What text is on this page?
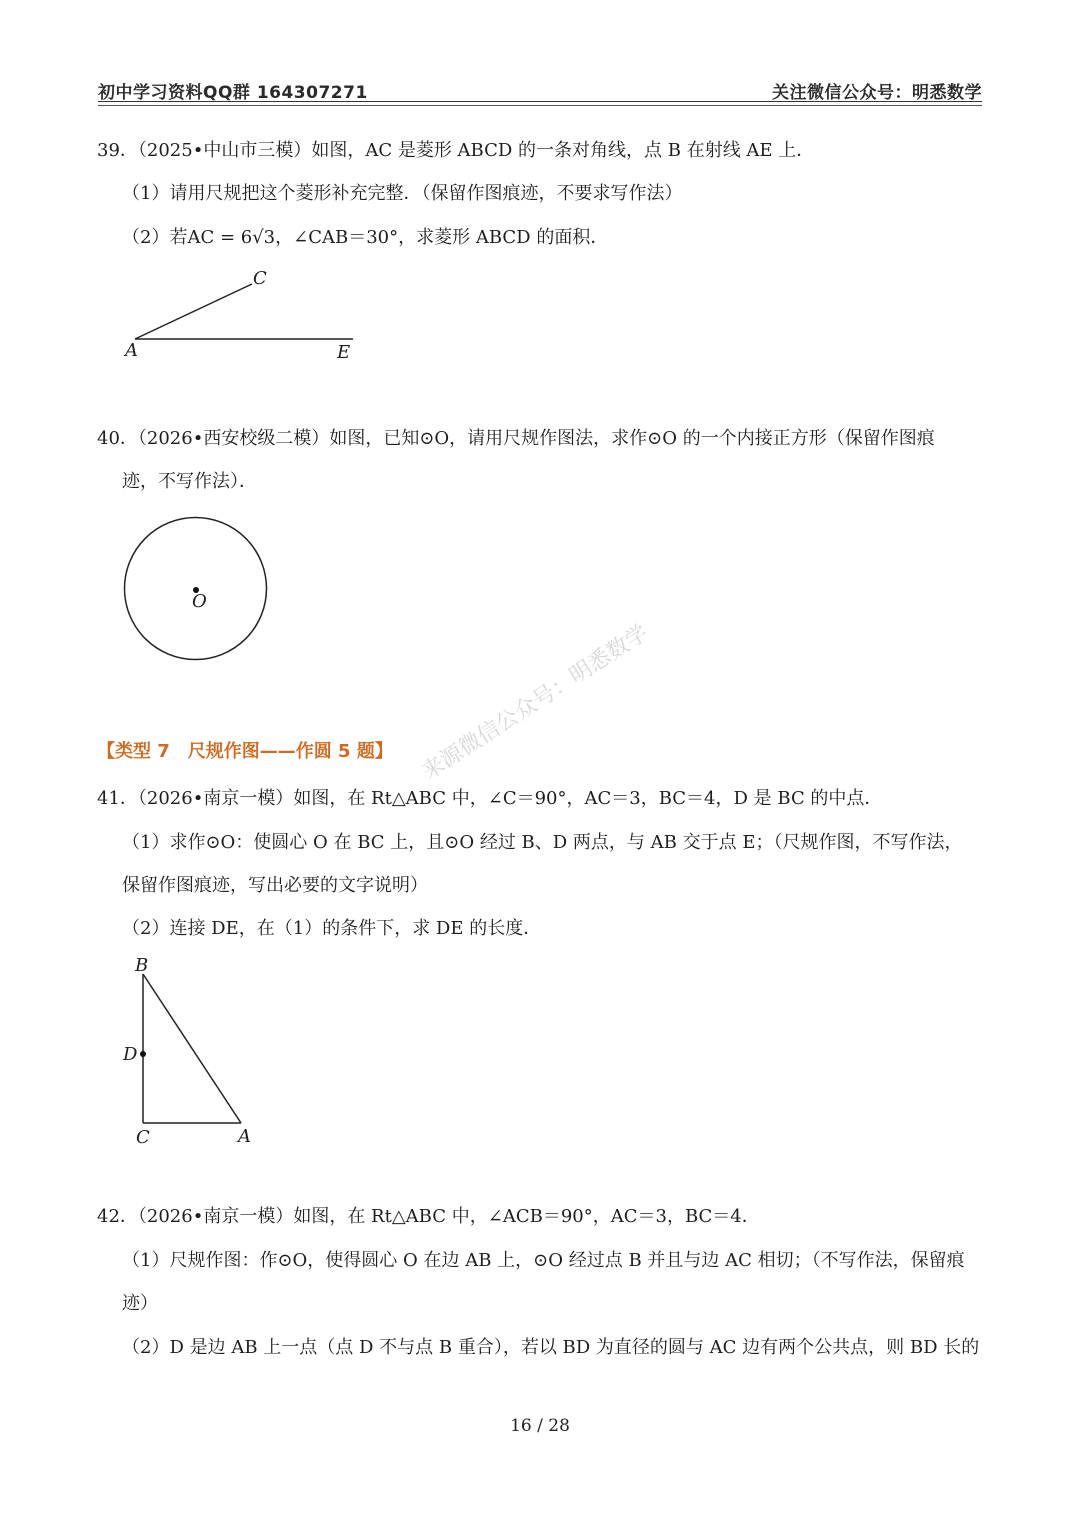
初中学习资料QQ群 164307271	关注微信公众号：明悉数学
39．（2025•中山市三模）如图，AC 是菱形 ABCD 的一条对角线，点 B 在射线 AE 上．
（1）请用尺规把这个菱形补充完整．（保留作图痕迹，不要求写作法）
（2）若AC = 6√3，∠CAB＝30°，求菱形 ABCD 的面积．
C
A	E
40．（2026•西安校级二模）如图，已知⊙O，请用尺规作图法，求作⊙O 的一个内接正方形（保留作图痕
迹，不写作法）．
O
【类型 7　尺规作图——作圆 5 题】
41．（2026•南京一模）如图，在 Rt△ABC 中，∠C＝90°，AC＝3，BC＝4，D 是 BC 的中点．
（1）求作⊙O：使圆心 O 在 BC 上，且⊙O 经过 B、D 两点，与 AB 交于点 E；（尺规作图，不写作法，
保留作图痕迹，写出必要的文字说明）
（2）连接 DE，在（1）的条件下，求 DE 的长度．
B
D
C	A
42．（2026•南京一模）如图，在 Rt△ABC 中，∠ACB＝90°，AC＝3，BC＝4．
（1）尺规作图：作⊙O，使得圆心 O 在边 AB 上，⊙O 经过点 B 并且与边 AC 相切；（不写作法，保留痕
迹）
（2）D 是边 AB 上一点（点 D 不与点 B 重合），若以 BD 为直径的圆与 AC 边有两个公共点，则 BD 长的
来源微信公众号：明悉数学
16 / 28
